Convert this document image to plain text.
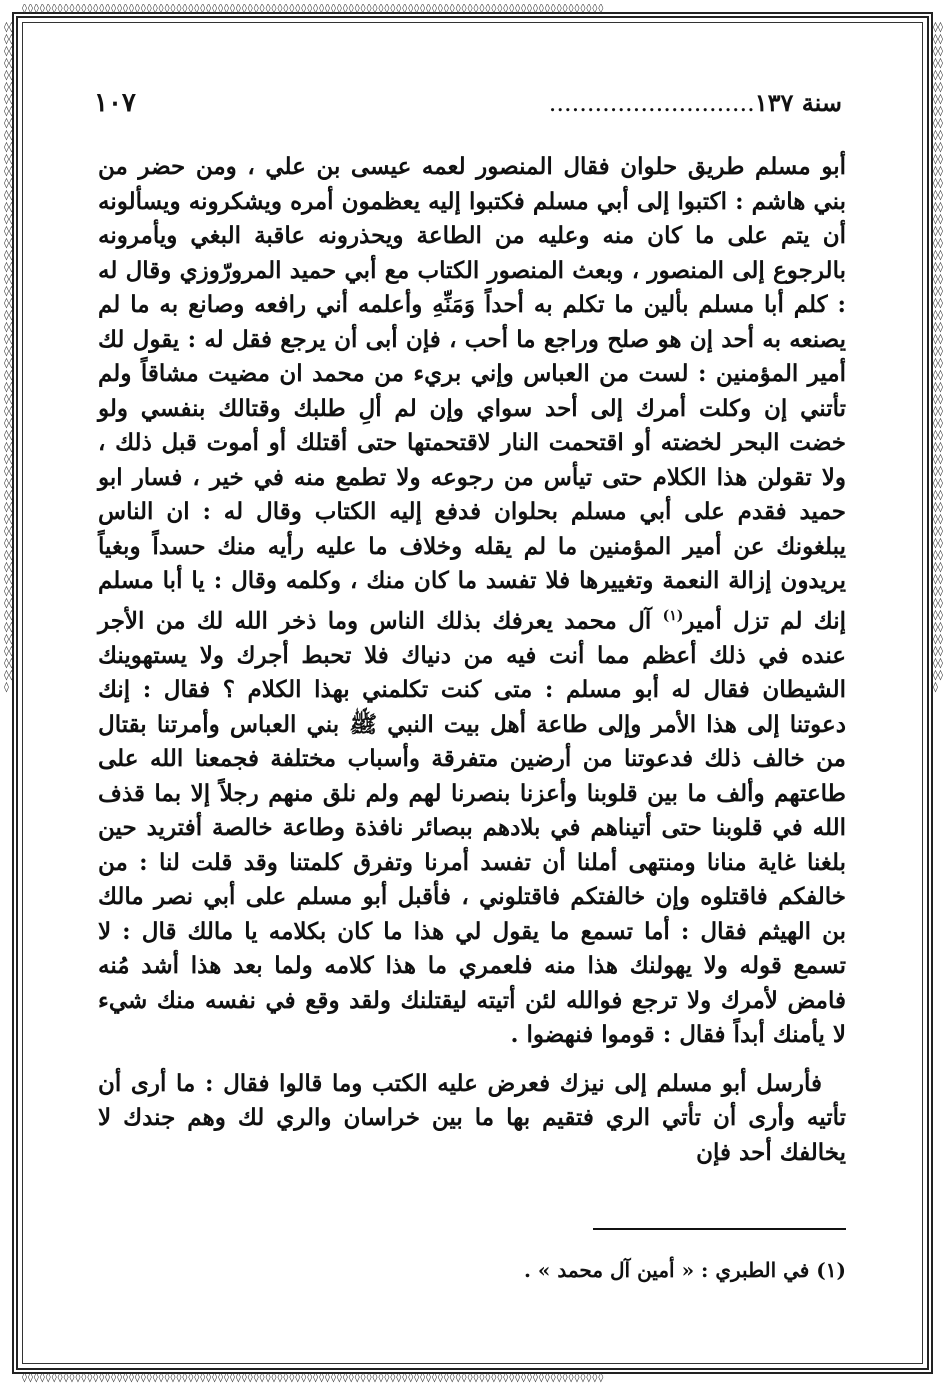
◊◊◊◊◊◊◊◊◊◊◊◊◊◊◊◊◊◊◊◊◊◊◊◊◊◊◊◊◊◊◊◊◊◊◊◊◊◊◊◊◊◊◊◊◊◊◊◊◊◊◊◊◊◊◊◊◊◊◊◊◊◊◊◊◊◊◊◊◊◊◊◊◊◊◊◊◊◊◊◊◊◊◊◊◊◊◊◊◊◊◊◊◊◊◊◊◊◊
◊◊◊◊◊◊◊◊◊◊◊◊◊◊◊◊◊◊◊◊◊◊◊◊◊◊◊◊◊◊◊◊◊◊◊◊◊◊◊◊◊◊◊◊◊◊◊◊◊◊◊◊◊◊◊◊◊◊◊◊◊◊◊◊◊◊◊◊◊◊◊◊◊◊◊◊◊◊◊◊◊◊◊◊◊◊◊◊◊◊◊◊◊◊◊◊◊◊
◊◊◊◊◊◊◊◊◊◊◊◊◊◊◊◊◊◊◊◊◊◊◊◊◊◊◊◊◊◊◊◊◊◊◊◊◊◊◊◊◊◊◊◊◊◊◊◊◊◊◊◊◊◊◊◊◊◊◊◊◊◊◊◊◊◊◊◊◊◊◊◊◊◊◊◊◊◊◊◊◊◊◊◊◊◊◊◊◊◊◊◊◊◊◊◊◊◊◊◊◊◊◊◊◊◊◊◊◊◊◊
◊◊◊◊◊◊◊◊◊◊◊◊◊◊◊◊◊◊◊◊◊◊◊◊◊◊◊◊◊◊◊◊◊◊◊◊◊◊◊◊◊◊◊◊◊◊◊◊◊◊◊◊◊◊◊◊◊◊◊◊◊◊◊◊◊◊◊◊◊◊◊◊◊◊◊◊◊◊◊◊◊◊◊◊◊◊◊◊◊◊◊◊◊◊◊◊◊◊◊◊◊◊◊◊◊◊◊◊◊◊◊
سنة ١٣٧...........................
١٠٧

أبو مسلم طريق حلوان فقال المنصور لعمه عيسى بن علي ، ومن حضر من بني هاشم : اكتبوا إلى أبي مسلم فكتبوا إليه يعظمون أمره ويشكرونه ويسألونه أن يتم على ما كان منه وعليه من الطاعة ويحذرونه عاقبة البغي ويأمرونه بالرجوع إلى المنصور ، وبعث المنصور الكتاب مع أبي حميد المرورّوزي وقال له : كلم أبا مسلم بألين ما تكلم به أحداً وَمَنِّهِ وأعلمه أني رافعه وصانع به ما لم يصنعه به أحد إن هو صلح وراجع ما أحب ، فإن أبى أن يرجع فقل له : يقول لك أمير المؤمنين : لست من العباس وإني بريء من محمد ان مضيت مشاقاً ولم تأتني إن وكلت أمرك إلى أحد سواي وإن لم ألِ طلبك وقتالك بنفسي ولو خضت البحر لخضته أو اقتحمت النار لاقتحمتها حتى أقتلك أو أموت قبل ذلك ، ولا تقولن هذا الكلام حتى تيأس من رجوعه ولا تطمع منه في خير ، فسار ابو حميد فقدم على أبي مسلم بحلوان فدفع إليه الكتاب وقال له : ان الناس يبلغونك عن أمير المؤمنين ما لم يقله وخلاف ما عليه رأيه منك حسداً وبغياً يريدون إزالة النعمة وتغييرها فلا تفسد ما كان منك ، وكلمه وقال : يا أبا مسلم إنك لم تزل أمير$^{(١)}$ آل محمد يعرفك بذلك الناس وما ذخر الله لك من الأجر عنده في ذلك أعظم مما أنت فيه من دنياك فلا تحبط أجرك ولا يستهوينك الشيطان فقال له أبو مسلم : متى كنت تكلمني بهذا الكلام ؟ فقال : إنك دعوتنا إلى هذا الأمر وإلى طاعة أهل بيت النبي ﷺ بني العباس وأمرتنا بقتال من خالف ذلك فدعوتنا من أرضين متفرقة وأسباب مختلفة فجمعنا الله على طاعتهم وألف ما بين قلوبنا وأعزنا بنصرنا لهم ولم نلق منهم رجلاً إلا بما قذف الله في قلوبنا حتى أتيناهم في بلادهم ببصائر نافذة وطاعة خالصة أفتريد حين بلغنا غاية منانا ومنتهى أملنا أن تفسد أمرنا وتفرق كلمتنا وقد قلت لنا : من خالفكم فاقتلوه وإن خالفتكم فاقتلوني ، فأقبل أبو مسلم على أبي نصر مالك بن الهيثم فقال : أما تسمع ما يقول لي هذا ما كان بكلامه يا مالك قال : لا تسمع قوله ولا يهولنك هذا منه فلعمري ما هذا كلامه ولما بعد هذا أشد مُنه فامض لأمرك ولا ترجع فوالله لئن أتيته ليقتلنك ولقد وقع في نفسه منك شيء لا يأمنك أبداً فقال : قوموا فنهضوا .

فأرسل أبو مسلم إلى نيزك فعرض عليه الكتب وما قالوا فقال : ما أرى أن تأتيه وأرى أن تأتي الري فتقيم بها ما بين خراسان والري لك وهم جندك لا يخالفك أحد فإن

(١) في الطبري : « أمين آل محمد » .
